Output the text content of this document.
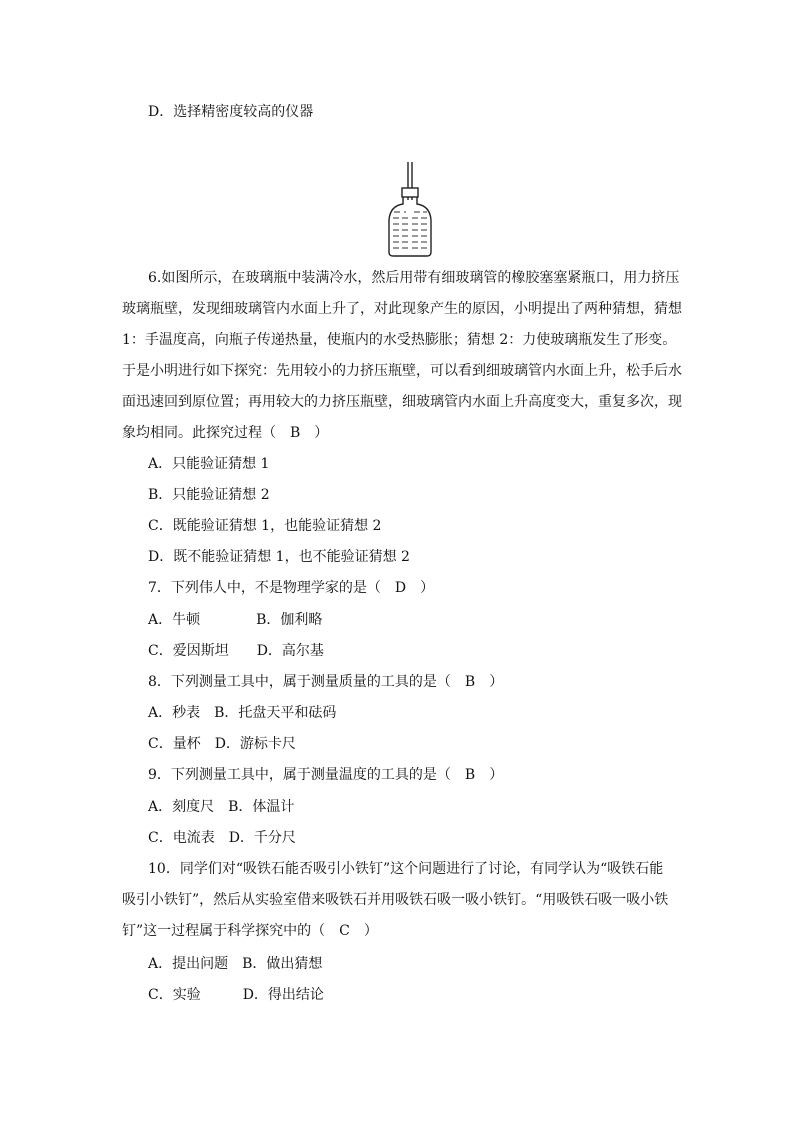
D．选择精密度较高的仪器
6.如图所示，在玻璃瓶中装满冷水，然后用带有细玻璃管的橡胶塞塞紧瓶口，用力挤压
玻璃瓶壁，发现细玻璃管内水面上升了，对此现象产生的原因，小明提出了两种猜想，猜想
1：手温度高，向瓶子传递热量，使瓶内的水受热膨胀；猜想 2：力使玻璃瓶发生了形变。
于是小明进行如下探究：先用较小的力挤压瓶壁，可以看到细玻璃管内水面上升，松手后水
面迅速回到原位置；再用较大的力挤压瓶壁，细玻璃管内水面上升高度变大，重复多次，现
象均相同。此探究过程（　B　）
A．只能验证猜想 1
B．只能验证猜想 2
C．既能验证猜想 1，也能验证猜想 2
D．既不能验证猜想 1，也不能验证猜想 2
7．下列伟人中，不是物理学家的是（　D　）
A．牛顿　　　　B．伽利略
C．爱因斯坦　　D．高尔基
8．下列测量工具中，属于测量质量的工具的是（　B　）
A．秒表　B．托盘天平和砝码
C．量杯　D．游标卡尺
9．下列测量工具中，属于测量温度的工具的是（　B　）
A．刻度尺　B．体温计
C．电流表　D．千分尺
10．同学们对“吸铁石能否吸引小铁钉”这个问题进行了讨论，有同学认为“吸铁石能
吸引小铁钉”，然后从实验室借来吸铁石并用吸铁石吸一吸小铁钉。“用吸铁石吸一吸小铁
钉”这一过程属于科学探究中的（　C　）
A．提出问题　B．做出猜想
C．实验　　　D．得出结论
